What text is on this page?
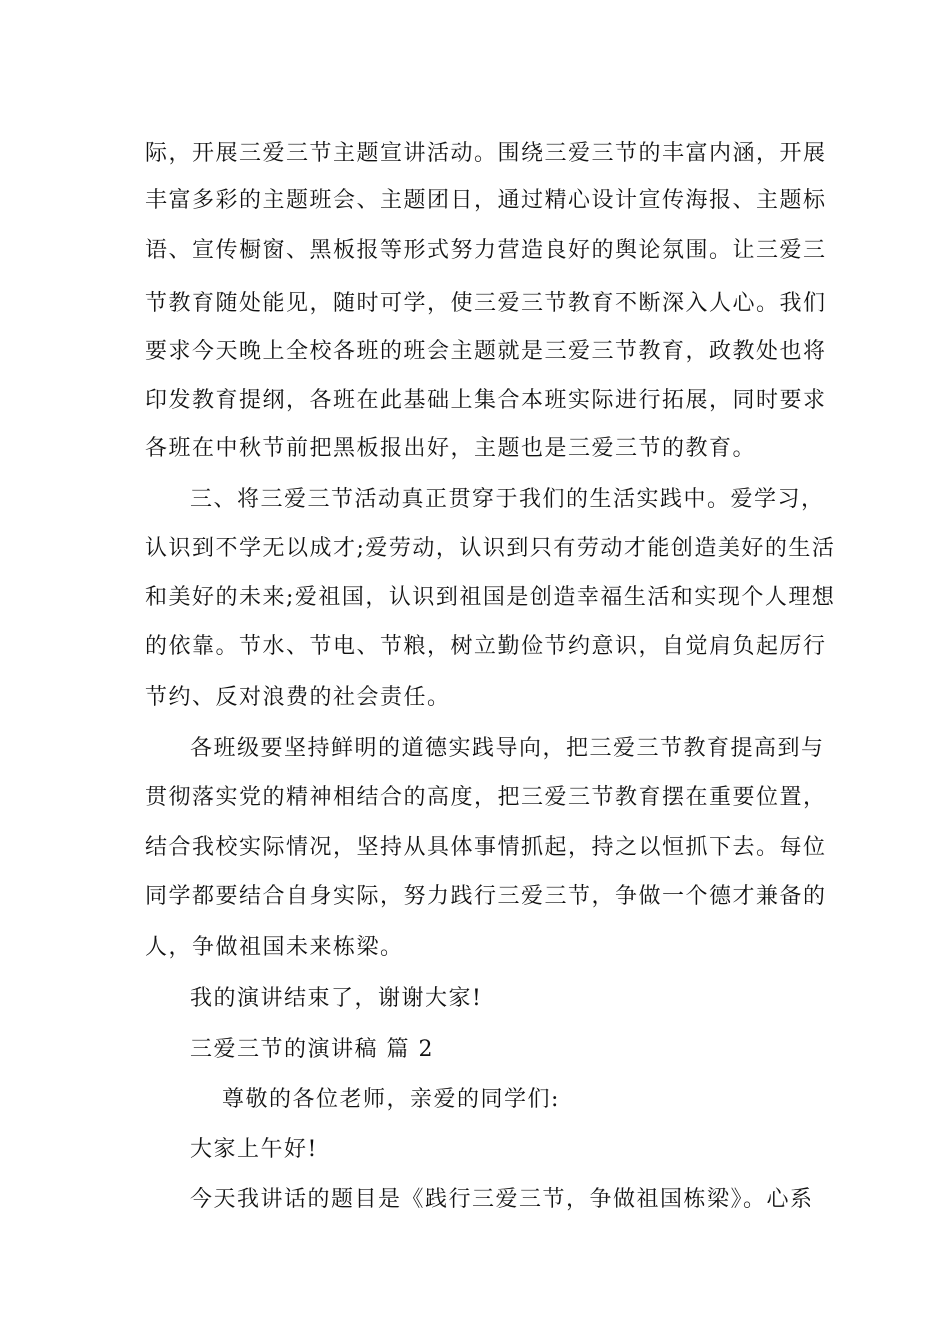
际，开展三爱三节主题宣讲活动。围绕三爱三节的丰富内涵，开展
丰富多彩的主题班会、主题团日，通过精心设计宣传海报、主题标
语、宣传橱窗、黑板报等形式努力营造良好的舆论氛围。让三爱三
节教育随处能见，随时可学，使三爱三节教育不断深入人心。我们
要求今天晚上全校各班的班会主题就是三爱三节教育，政教处也将
印发教育提纲，各班在此基础上集合本班实际进行拓展，同时要求
各班在中秋节前把黑板报出好，主题也是三爱三节的教育。
三、将三爱三节活动真正贯穿于我们的生活实践中。爱学习，
认识到不学无以成才;爱劳动，认识到只有劳动才能创造美好的生活
和美好的未来;爱祖国，认识到祖国是创造幸福生活和实现个人理想
的依靠。节水、节电、节粮，树立勤俭节约意识，自觉肩负起厉行
节约、反对浪费的社会责任。
各班级要坚持鲜明的道德实践导向，把三爱三节教育提高到与
贯彻落实党的精神相结合的高度，把三爱三节教育摆在重要位置，
结合我校实际情况，坚持从具体事情抓起，持之以恒抓下去。每位
同学都要结合自身实际，努力践行三爱三节，争做一个德才兼备的
人，争做祖国未来栋梁。
我的演讲结束了，谢谢大家!
三爱三节的演讲稿 篇 2
尊敬的各位老师，亲爱的同学们:
大家上午好!
今天我讲话的题目是《践行三爱三节，争做祖国栋梁》。心系
